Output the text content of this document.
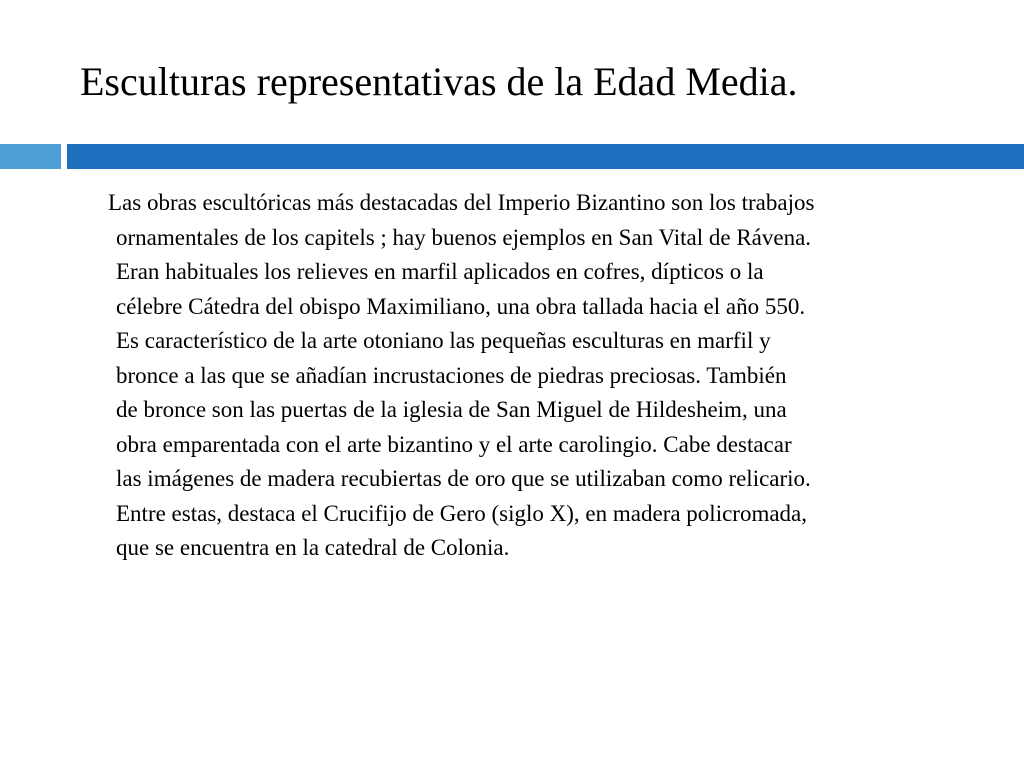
Esculturas representativas de la Edad Media.

Las obras escultóricas más destacadas del Imperio Bizantino son los trabajos
ornamentales de los capitels ; hay buenos ejemplos en San Vital de Rávena.
Eran habituales los relieves en marfil aplicados en cofres, dípticos o la
célebre Cátedra del obispo Maximiliano, una obra tallada hacia el año 550.
Es característico de la arte otoniano las pequeñas esculturas en marfil y
bronce a las que se añadían incrustaciones de piedras preciosas. También
de bronce son las puertas de la iglesia de San Miguel de Hildesheim, una
obra emparentada con el arte bizantino y el arte carolingio. Cabe destacar
las imágenes de madera recubiertas de oro que se utilizaban como relicario.
Entre estas, destaca el Crucifijo de Gero (siglo X), en madera policromada,
que se encuentra en la catedral de Colonia.
